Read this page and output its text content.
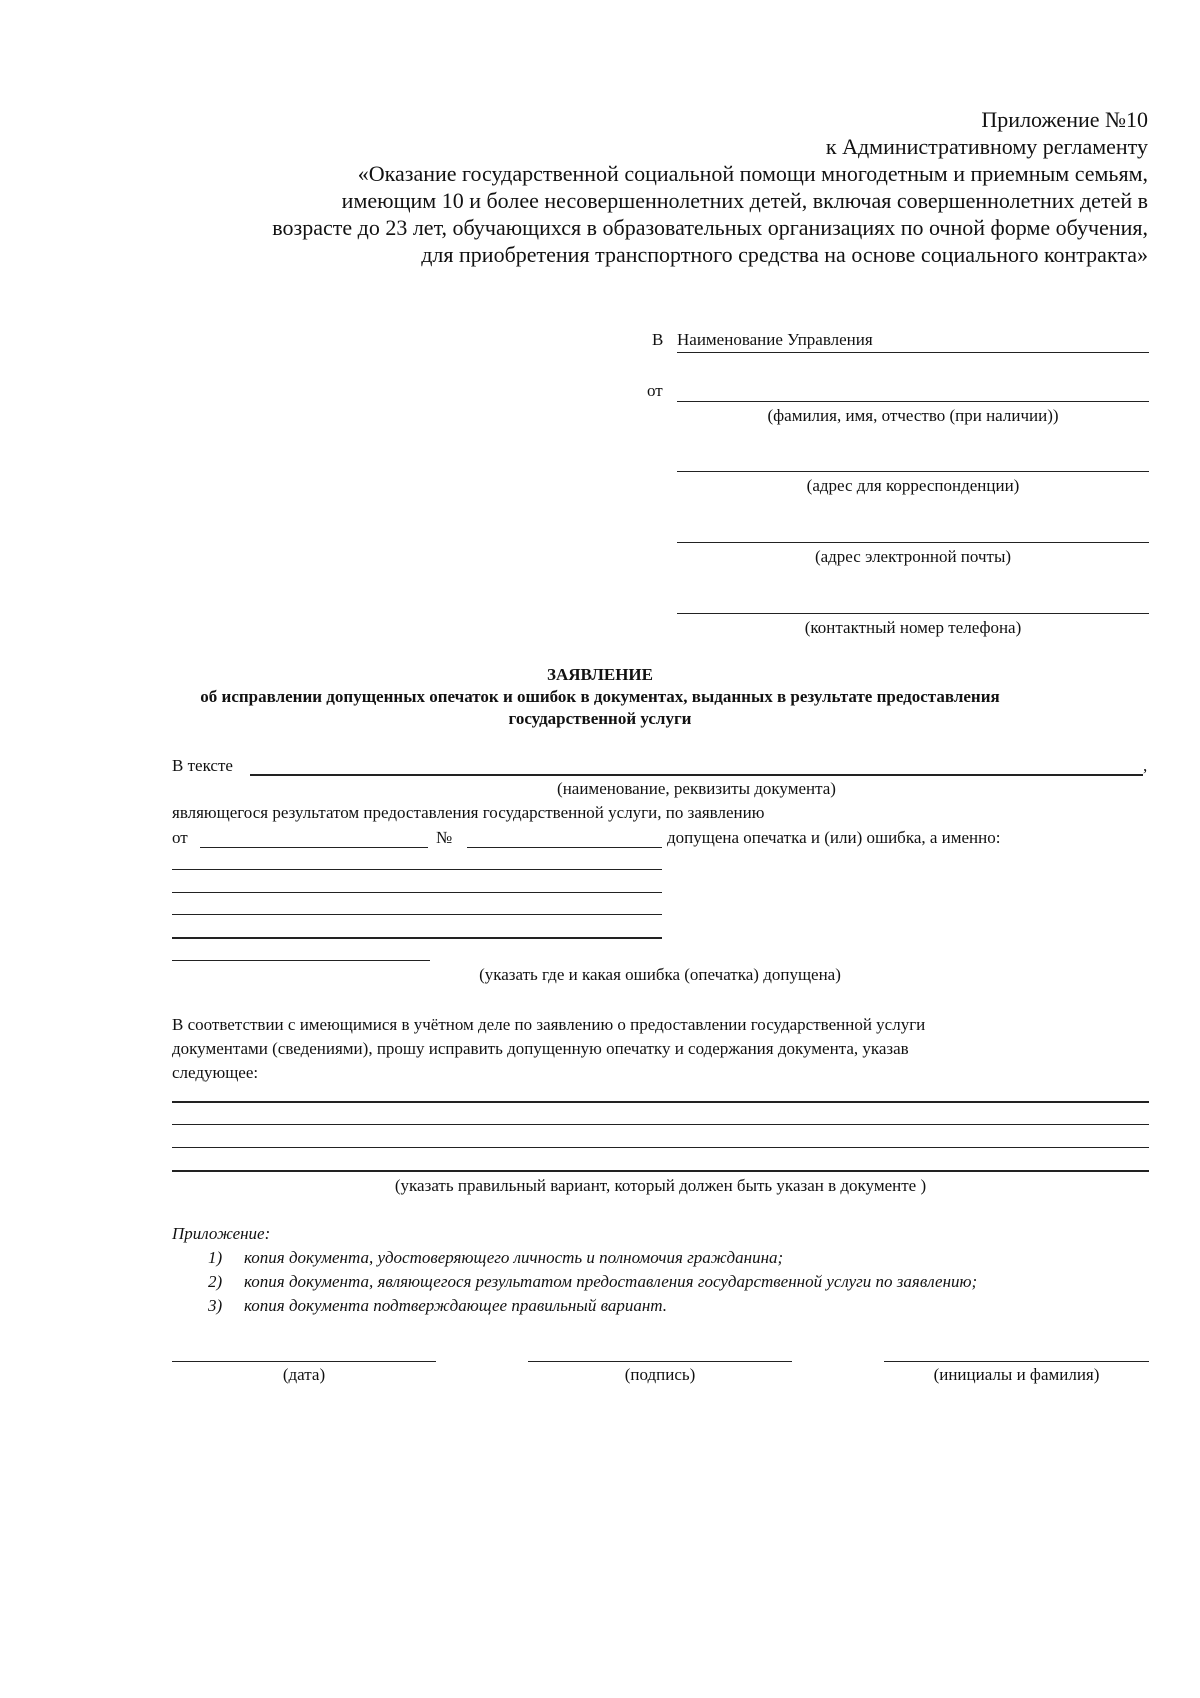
Приложение №10
к Административному регламенту
«Оказание государственной социальной помощи многодетным и приемным семьям,
имеющим 10 и более несовершеннолетних детей, включая совершеннолетних детей в
возрасте до 23 лет, обучающихся в образовательных организациях по очной форме обучения,
для приобретения транспортного средства на основе социального контракта»
В Наименование Управления
от
(фамилия, имя, отчество (при наличии))
(адрес для корреспонденции)
(адрес электронной почты)
(контактный номер телефона)
ЗАЯВЛЕНИЕ
об исправлении допущенных опечаток и ошибок в документах, выданных в результате предоставления
государственной услуги
В тексте	,
(наименование, реквизиты документа)
являющегося результатом предоставления государственной услуги, по заявлению
от	№	допущена опечатка и (или) ошибка, а именно:
(указать где и какая ошибка (опечатка) допущена)
В соответствии с имеющимися в учётном деле по заявлению о предоставлении государственной услуги
документами (сведениями), прошу исправить допущенную опечатку и содержания документа, указав
следующее:
(указать правильный вариант, который должен быть указан в документе )
Приложение:
1) копия документа, удостоверяющего личность и полномочия гражданина;
2) копия документа, являющегося результатом предоставления государственной услуги по заявлению;
3) копия документа подтверждающее правильный вариант.
(дата)	(подпись)	(инициалы и фамилия)
